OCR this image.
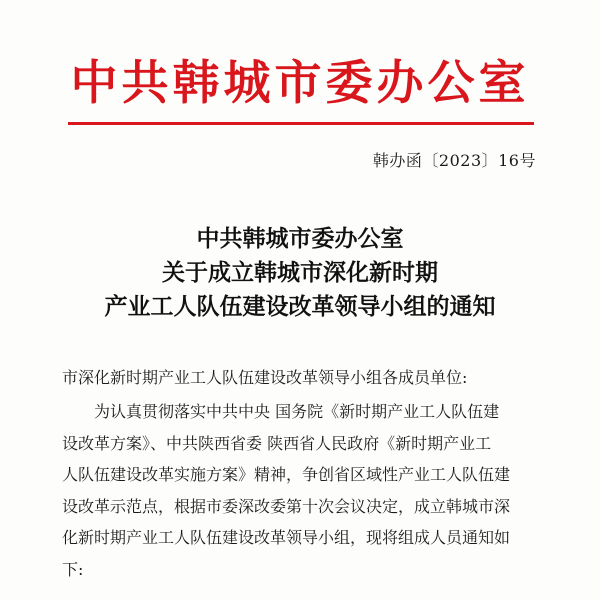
中共韩城市委办公室
韩办函〔2023〕16号
中共韩城市委办公室
关于成立韩城市深化新时期
产业工人队伍建设改革领导小组的通知
市深化新时期产业工人队伍建设改革领导小组各成员单位:
为认真贯彻落实中共中央 国务院《新时期产业工人队伍建
设改革方案》、中共陕西省委 陕西省人民政府《新时期产业工
人队伍建设改革实施方案》精神，争创省区域性产业工人队伍建
设改革示范点，根据市委深改委第十次会议决定，成立韩城市深
化新时期产业工人队伍建设改革领导小组，现将组成人员通知如
下:
